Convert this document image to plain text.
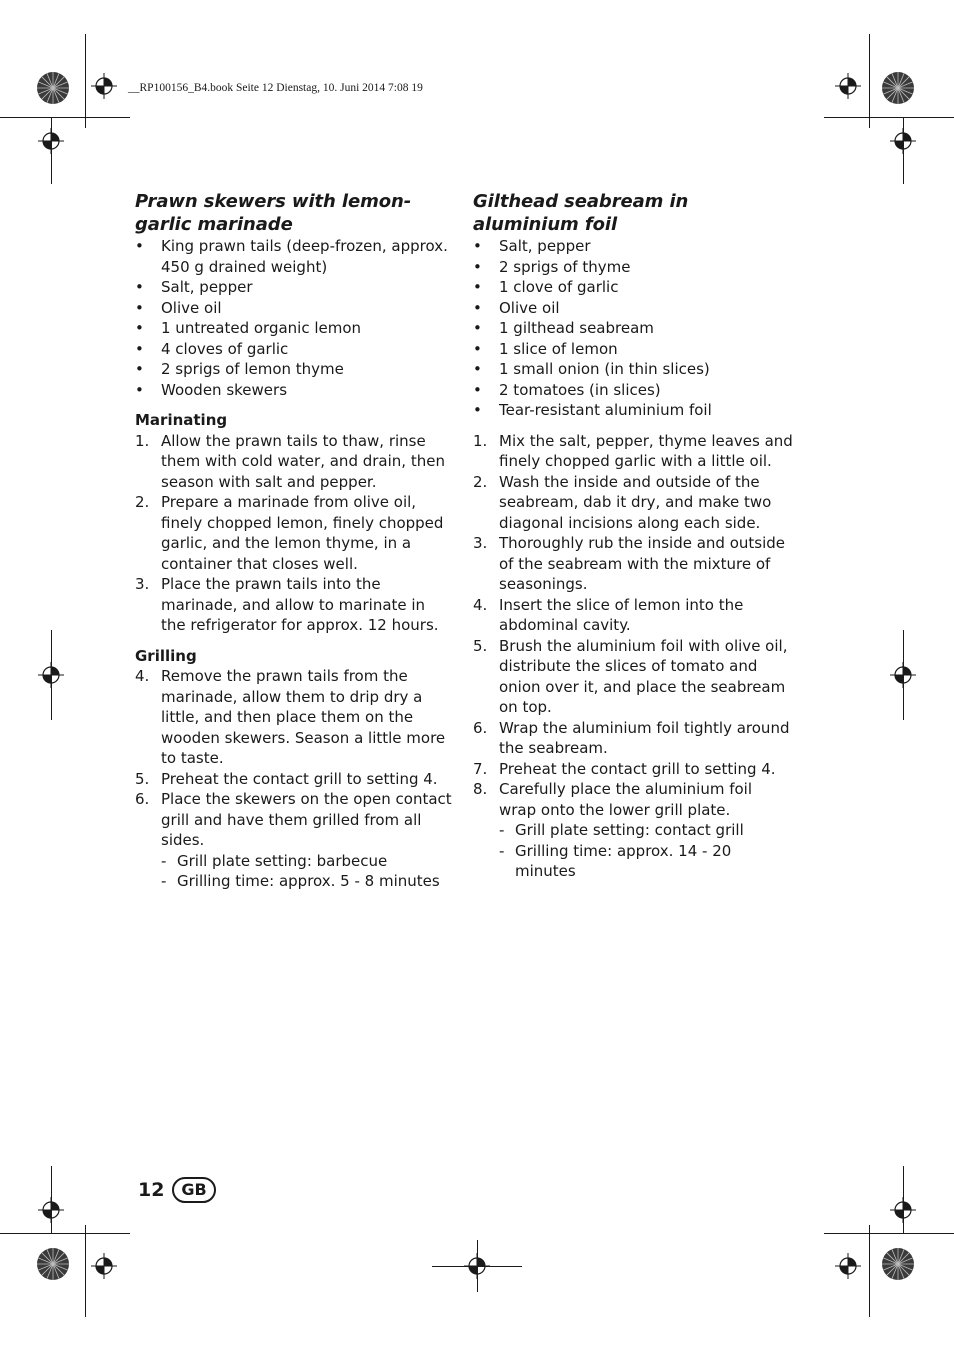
__RP100156_B4.book Seite 12 Dienstag, 10. Juni 2014 7:08 19
Prawn skewers with lemon-garlic marinade
• King prawn tails (deep-frozen, approx. 450 g drained weight)
• Salt, pepper
• Olive oil
• 1 untreated organic lemon
• 4 cloves of garlic
• 2 sprigs of lemon thyme
• Wooden skewers
Marinating
1. Allow the prawn tails to thaw, rinse them with cold water, and drain, then season with salt and pepper.
2. Prepare a marinade from olive oil, finely chopped lemon, finely chopped garlic, and the lemon thyme, in a container that closes well.
3. Place the prawn tails into the marinade, and allow to marinate in the refrigerator for approx. 12 hours.
Grilling
4. Remove the prawn tails from the marinade, allow them to drip dry a little, and then place them on the wooden skewers. Season a little more to taste.
5. Preheat the contact grill to setting 4.
6. Place the skewers on the open contact grill and have them grilled from all sides.
- Grill plate setting: barbecue
- Grilling time: approx. 5 - 8 minutes
Gilthead seabream in aluminium foil
• Salt, pepper
• 2 sprigs of thyme
• 1 clove of garlic
• Olive oil
• 1 gilthead seabream
• 1 slice of lemon
• 1 small onion (in thin slices)
• 2 tomatoes (in slices)
• Tear-resistant aluminium foil
1. Mix the salt, pepper, thyme leaves and finely chopped garlic with a little oil.
2. Wash the inside and outside of the seabream, dab it dry, and make two diagonal incisions along each side.
3. Thoroughly rub the inside and outside of the seabream with the mixture of seasonings.
4. Insert the slice of lemon into the abdominal cavity.
5. Brush the aluminium foil with olive oil, distribute the slices of tomato and onion over it, and place the seabream on top.
6. Wrap the aluminium foil tightly around the seabream.
7. Preheat the contact grill to setting 4.
8. Carefully place the aluminium foil wrap onto the lower grill plate.
- Grill plate setting: contact grill
- Grilling time: approx. 14 - 20 minutes
12	GB
